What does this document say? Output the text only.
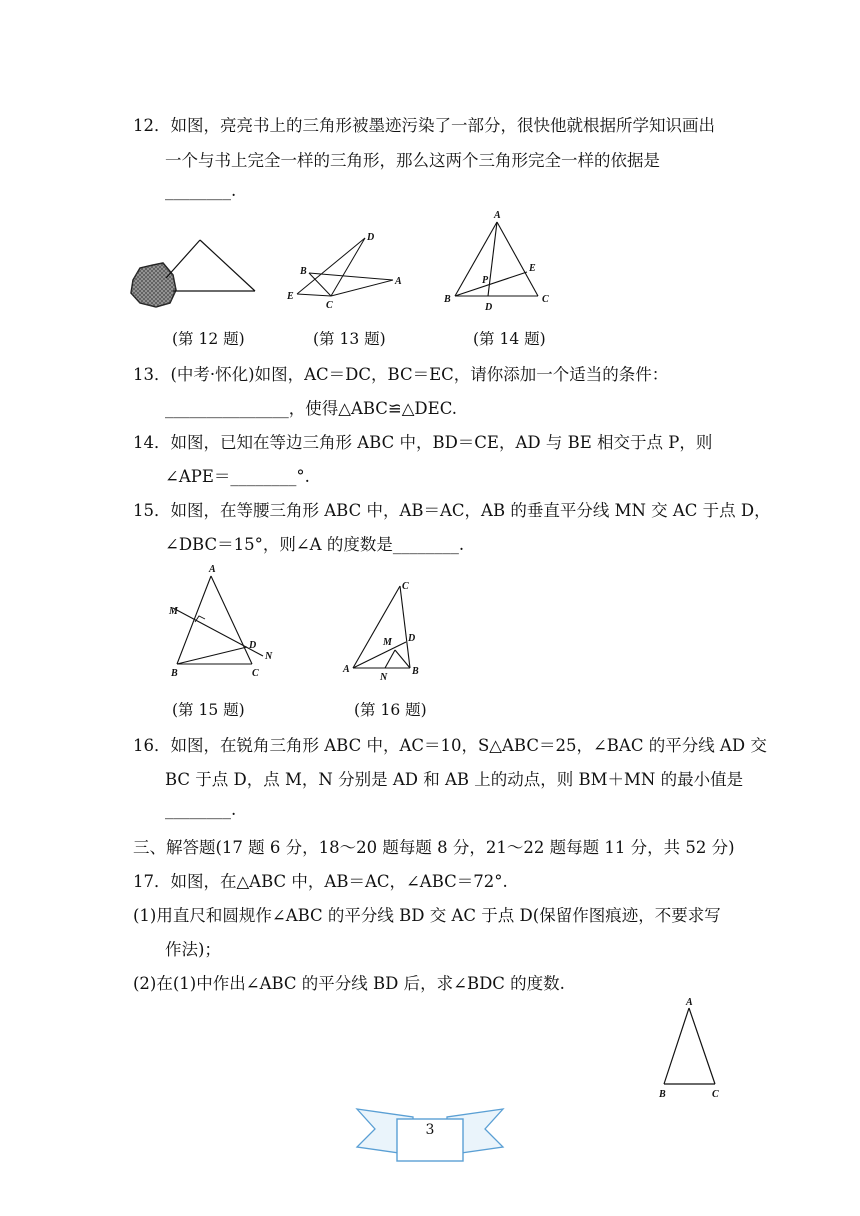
12．如图，亮亮书上的三角形被墨迹污染了一部分，很快他就根据所学知识画出
一个与书上完全一样的三角形，那么这两个三角形完全一样的依据是
________.
B
E
C
D
A
A
B	C
D
E
P
(第 12 题)	(第 13 题)	(第 14 题)
13．(中考·怀化)如图，AC＝DC，BC＝EC，请你添加一个适当的条件：
_______________，使得△ABC≌△DEC.
14．如图，已知在等边三角形 ABC 中，BD＝CE，AD 与 BE 相交于点 P，则
∠APE＝________°.
15．如图，在等腰三角形 ABC 中，AB＝AC，AB 的垂直平分线 MN 交 AC 于点 D，
∠DBC＝15°，则∠A 的度数是________.
A
M
D
N
B	C
C
M D
A	B
N
(第 15 题)	(第 16 题)
16．如图，在锐角三角形 ABC 中，AC＝10，S△ABC＝25，∠BAC 的平分线 AD 交
BC 于点 D，点 M，N 分别是 AD 和 AB 上的动点，则 BM＋MN 的最小值是
________.
三、解答题(17 题 6 分，18～20 题每题 8 分，21～22 题每题 11 分，共 52 分)
17．如图，在△ABC 中，AB＝AC，∠ABC＝72°.
(1)用直尺和圆规作∠ABC 的平分线 BD 交 AC 于点 D(保留作图痕迹，不要求写
作法)；
(2)在(1)中作出∠ABC 的平分线 BD 后，求∠BDC 的度数.
A
B	C
3
